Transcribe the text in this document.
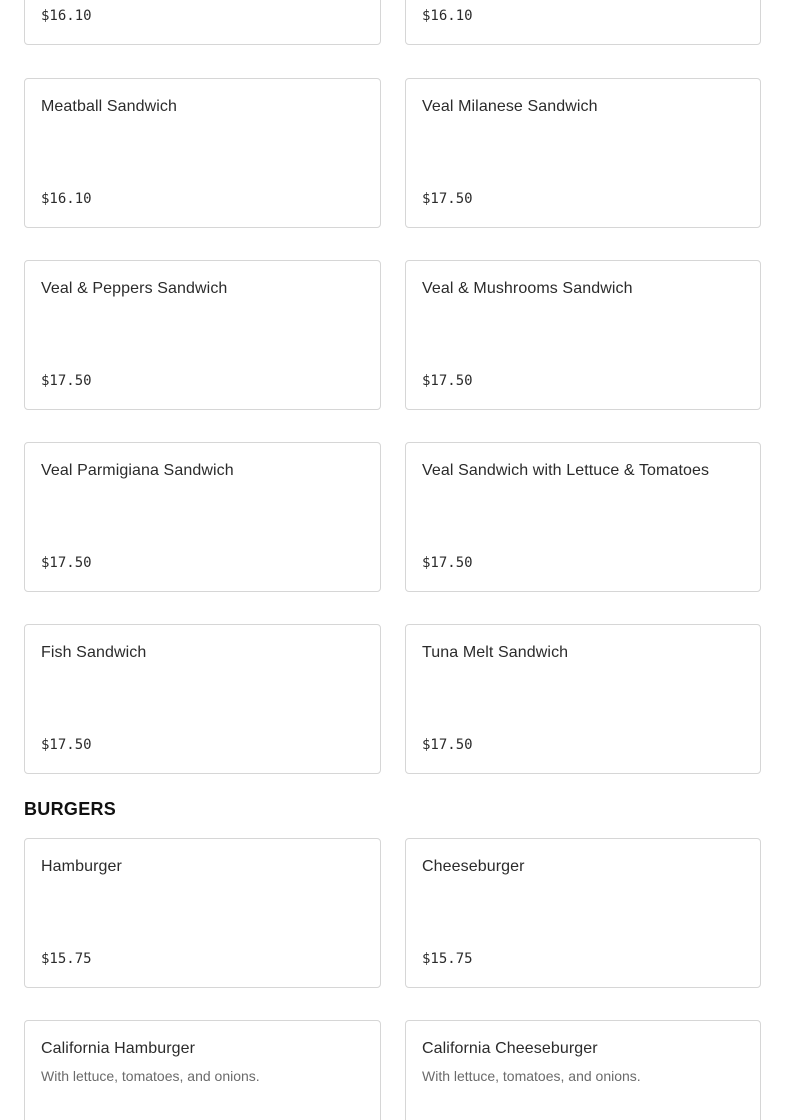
$16.10	$16.10
Meatball Sandwich
$16.10
Veal Milanese Sandwich
$17.50
Veal & Peppers Sandwich
$17.50
Veal & Mushrooms Sandwich
$17.50
Veal Parmigiana Sandwich
$17.50
Veal Sandwich with Lettuce & Tomatoes
$17.50
Fish Sandwich
$17.50
Tuna Melt Sandwich
$17.50
BURGERS
Hamburger
$15.75
Cheeseburger
$15.75
California Hamburger
With lettuce, tomatoes, and onions.
California Cheeseburger
With lettuce, tomatoes, and onions.
